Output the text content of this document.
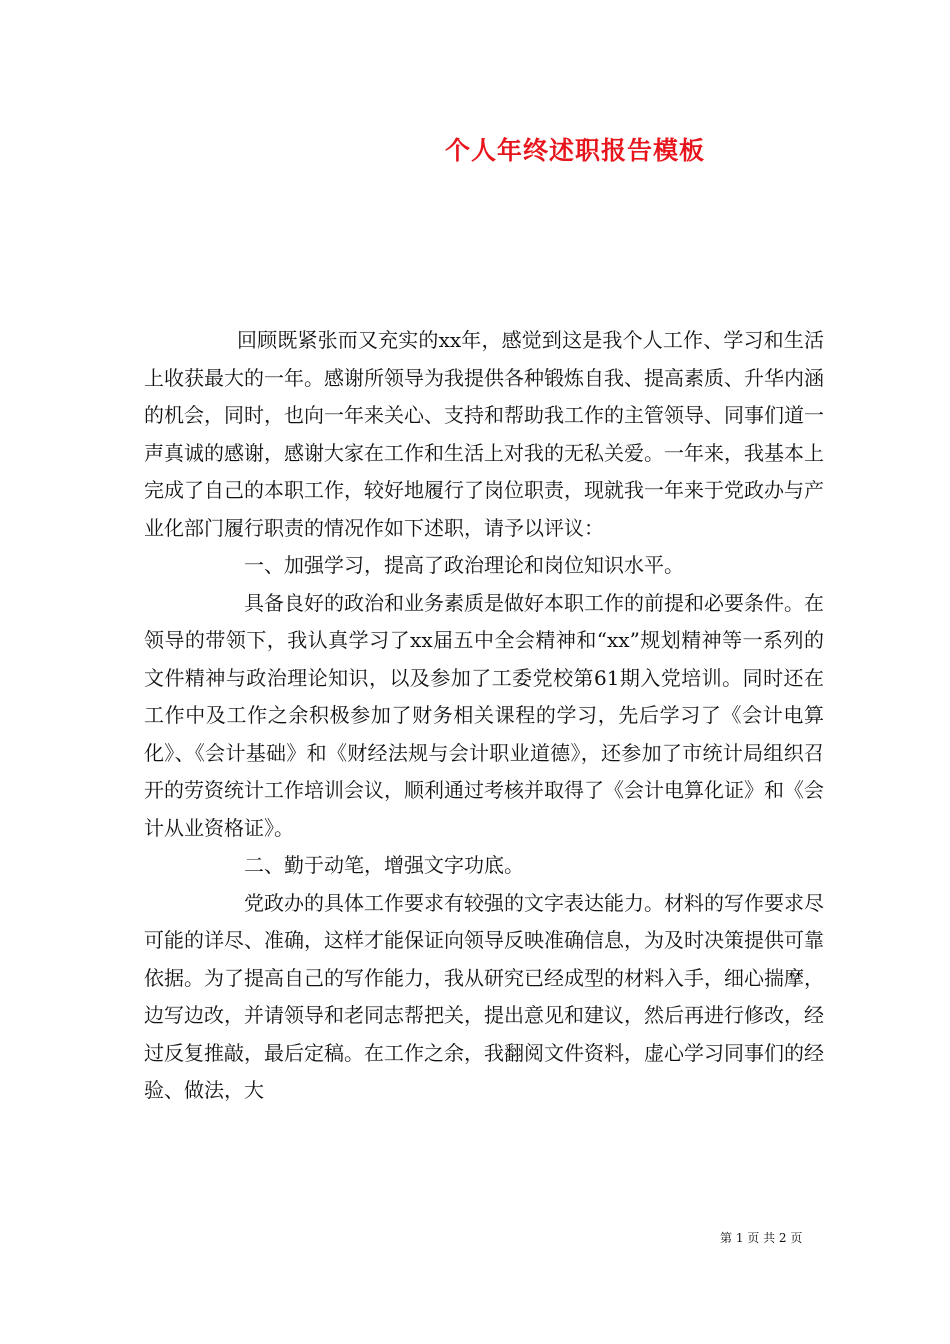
个人年终述职报告模板

回顾既紧张而又充实的xx年，感觉到这是我个人工作、学习和生活上收获最大的一年。感谢所领导为我提供各种锻炼自我、提高素质、升华内涵的机会，同时，也向一年来关心、支持和帮助我工作的主管领导、同事们道一声真诚的感谢，感谢大家在工作和生活上对我的无私关爱。一年来，我基本上完成了自己的本职工作，较好地履行了岗位职责，现就我一年来于党政办与产业化部门履行职责的情况作如下述职，请予以评议：

一、加强学习，提高了政治理论和岗位知识水平。

具备良好的政治和业务素质是做好本职工作的前提和必要条件。在领导的带领下，我认真学习了xx届五中全会精神和“xx”规划精神等一系列的文件精神与政治理论知识，以及参加了工委党校第61期入党培训。同时还在工作中及工作之余积极参加了财务相关课程的学习，先后学习了《会计电算化》、《会计基础》和《财经法规与会计职业道德》，还参加了市统计局组织召开的劳资统计工作培训会议，顺利通过考核并取得了《会计电算化证》和《会计从业资格证》。

二、勤于动笔，增强文字功底。

党政办的具体工作要求有较强的文字表达能力。材料的写作要求尽可能的详尽、准确，这样才能保证向领导反映准确信息，为及时决策提供可靠依据。为了提高自己的写作能力，我从研究已经成型的材料入手，细心揣摩，边写边改，并请领导和老同志帮把关，提出意见和建议，然后再进行修改，经过反复推敲，最后定稿。在工作之余，我翻阅文件资料，虚心学习同事们的经验、做法，大

第 1 页 共 2 页
